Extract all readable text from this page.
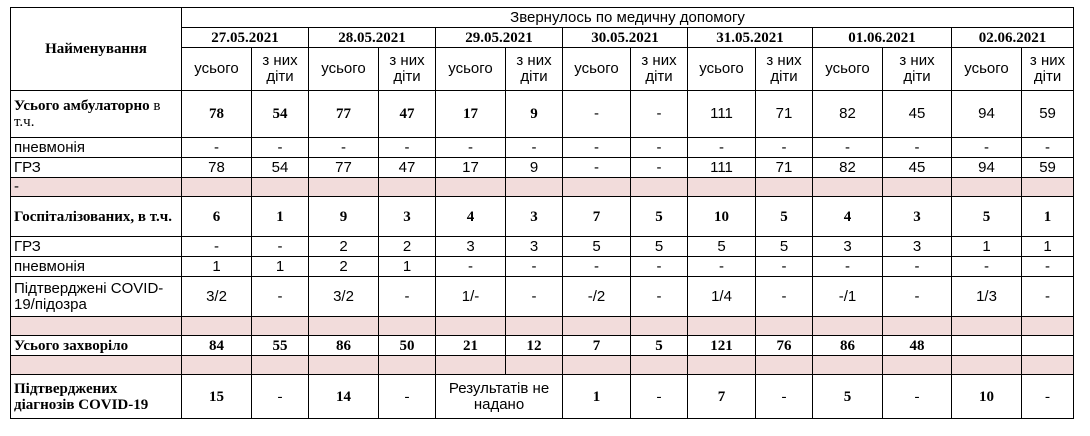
Найменування	Звернулось по медичну допомогу													
	27.05.2021		28.05.2021		29.05.2021		30.05.2021		31.05.2021		01.06.2021		02.06.2021	
	усього	з них діти	усього	з них діти	усього	з них діти	усього	з них діти	усього	з них діти	усього	з них діти	усього	з них діти
Усього амбулаторно в т.ч.	78	54	77	47	17	9	-	-	111	71	82	45	94	59
пневмонія	-	-	-	-	-	-	-	-	-	-	-	-	-	-
ГРЗ	78	54	77	47	17	9	-	-	111	71	82	45	94	59
-														
Госпіталізованих, в т.ч.	6	1	9	3	4	3	7	5	10	5	4	3	5	1
ГРЗ	-	-	2	2	3	3	5	5	5	5	3	3	1	1
пневмонія	1	1	2	1	-	-	-	-	-	-	-	-	-	-
Підтверджені COVID-19/підозра	3/2	-	3/2	-	1/-	-	-/2	-	1/4	-	-/1	-	1/3	-

Усього захворіло	84	55	86	50	21	12	7	5	121	76	86	48		

Підтверджених діагнозів COVID-19	15	-	14	-	Результатів не надано		1	-	7	-	5	-	10	-
